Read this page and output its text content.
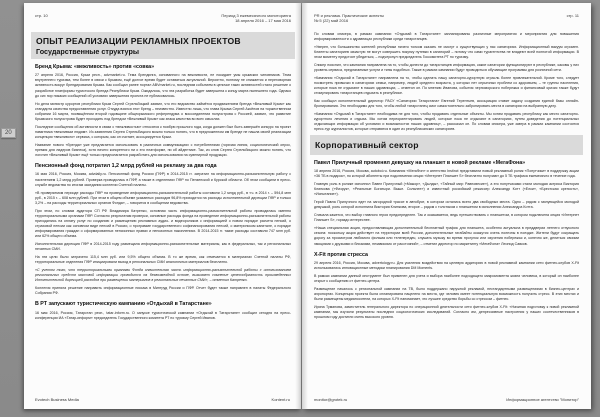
20
стр. 10	Период 3 ежемесячного мониторинга
18 апреля 2016 – 17 мая 2016
ОПЫТ РЕАЛИЗАЦИИ РЕКЛАМНЫХ ПРОЕКТОВ
Государственные структуры
Бренд Крыма: «вежливость» против «совка»

27 апреля 2016, Россия, Крым респ., advmarket.ru. Тема брендинга, основанного на вежливости, не покидает умы крымских чиновников. Тема внутреннего туризма, тем более в связи с Крымом, ещё долгое время будет оставаться актуальной. Вероятно, поэтому не снижается и переговорная активность вокруг брендирования Крыма. Как сообщал ранее портал ABVmarket.ru, последним событием в цепочке таких активностей стало решение о разработке платформы туристского бренда Республики Крым. Ожидалось, что эта разработка будет завершена к концу марта нынешнего года. Однако до сих пор никаких сообщений об условиях завершения проекта не публиковалось.

Но дела министр курортов республики Крым Сергей Стрельбицкий заявил, что его ведомство займётся продвижением бренда «Вежливый Крым» как стандарта качества предоставления услуг. Откуда взялся этот бренд – неизвестно. Известно лишь, что глава Крыма Сергей Аксёнов на торжественном собрании 16 марта, посвящённом второй годовщине общекрымского референдума о воссоединении полуострова с Россией, заявил, что развитие Крымского полуострова будет проходить под брендом «Вежливый Крым» как знака качества во всех смыслах.

Последние сообщения об активности в связи с «вежливостью» относятся к ноябрю прошлого года, когда должен был быть завершён конкурс на проект памятника «вежливым людям». Из заявления Сергея Стрельбицкого можно только понять, что в предложенном им бренде не нашла своей реализации концепция «вежливого» сервиса, с которым, как он считает, ассоциируется Крым.

Название нового «бренда» уже предлагается использовать в различных коммуникациях с потребителями (горячая линия, социологический опрос, премия для лидеров бизнеса), хотя ничего конкретного ни о его платформе, ни об айдентике. Так, из слов Сергея Стрельбицкого можно понять, что логотип «Вежливый Крым» ещё только предполагается разработать для использования на сувенирной продукции.

Пенсионный фонд потратил 1,2 млрд рублей на рекламу за два года

16 мая 2016, Россия, Москва, advdaily.ru. Пенсионный фонд России (ПФР) в 2014-2015 гг. затратил на информационно-разъяснительную работу с населением 1,2 млрд рублей. Проверка проводилась в ПФР, а также в отделениях ПФР по Пензенской и Курской области. Об этом сообщили в пресс-службе ведомства по итогам заседания коллегии Счетной палаты.

«В проверяемом периоде расходы ПФР на проведение информационно-разъяснительной работы составили 1,2 млрд руб., в т.ч. в 2014 г. – 594,8 млн руб., в 2015 г. – 608 млн рублей. При этом в общем объеме указанных расходов 96,8% приходится на расходы исполнительной дирекции ПФР и только 3,2% – на расходы территориальных органов Фонда», – говорится в сообщении ведомства.

При этом, по словам аудитора СП РФ Владимира Катренко, основная часть информационно-разъяснительной работы проводилась именно территориальными органами ПФР. Согласно результатам проверки, основные расходы фонда на проведение информационно-разъяснительной работы приходились на оплату услуг по созданию и размещению рекламных аудио- и видеороликов с информацией о новом порядке расчета пенсий, о страховой пенсии как основном виде пенсий в России, о программе государственного софинансирования пенсий, о материнском капитале, о порядке информирования граждан о сформированных пенсионных правах и пенсионных накоплениях. В 2014-2015 гг. такие расходы составили 747 млн руб. или 62% общего объема.

Исполнительная дирекция ПФР в 2014-2015 году размещала информационно-разъяснительные материалы, как в федеральных, так и региональных печатных СМИ.

На эти цели было затрачено 115,4 млн руб. или 9,5% общего объема. В то же время, как отмечается в материалах Счетной палаты РФ, территориальные отделения ПФР инициировали выход в региональных СМИ аналогичных материалов бесплатно.

«С учетом того, что территориальными органами Фонда значительная часть информационно-разъяснительной работы с использованием региональных средств массовой информации проводится на безвозмездной основе, вызывает сомнение целесообразность произведенных Исполнительной дирекцией расходов при размещении материалов в региональных печатных СМИ», – отметил Катренко.

Коллегия приняла решение направить информационные письма в Минтруд России и ПФР. Отчет будет также направлен в палаты Федерального Собрания РФ.

В РТ запускают туристическую кампанию «Отдыхай в Татарстане»

16 мая 2016, Россия, Татарстан респ., tatar-inform.ru. О запуске туристической кампании «Отдыхай в Татарстане» сообщил сегодня на пресс-конференции ИА «Татар-информ» председатель Государственного комитета РТ по туризму Сергей Иванов.

Evotech Business Media	Kontent.ru
PR и реклама. Практические аспекты
№ 5 (22) май 2016
стр. 11

По словам спикера, в рамках кампании «Отдыхай в Татарстане» запланированы различные мероприятия и мероприятия для повышения информированности о здравницах республики среди татарстанцев.

«Уверен, что большинство жителей республики ничего толком сказать не смогут о существующих у нас санаториях. Информационный вакуум огромен. Клиенты санаториев зачастую не могут совершить покупку путевки в санаторий – потому что сами турагентства не владеют всей полнотой информации. В этом моменту предстоит убедиться, – подчеркнул председатель Госкомитета РТ по туризму.

Спикер пояснил, что кампания направлена на то, чтобы донести до татарстанцев информацию, какие санатории функционируют в республике, каковы у них уровень сервиса, предлагаемые услуги и типы подобных. Также в рамках кампании будут проводиться обучающие программы для розничной сети.

«Кампания «Отдыхай в Татарстане» направлена на то, чтобы сделать нашу санаторно-курортную отрасль более привлекательной. Кроме того, следует посмотреть привычки в санаториях семьи, например, людей среднего возраста, у которых нет серьезных проблем со здоровьем, – те группы населения, которые пока не отдыхают в наших здравницах, – отметил он. По мнению Иванова, события черноморского побережья и финансовый кризис также будут стимулировать татарстанцев отдыхать в республике.

Как сообщил исполнительный директор РАСУ «Санатории Татарстана» Евгений Терентьев, ассоциация ставит задачу создания единой базы онлайн-бронирования. Это необходимо для того, чтобы любой татарстанец смог самостоятельно забронировать места в санатории на выбранную дату.

«Кампания «Отдыхай в Татарстане» необходима не для того, чтобы продавать отдельные объекты. Мы хотим продавать республику как место санаторно-курортного лечения и отдыха. Мы хотим переориентировать людей, которые пока не отдыхают в санаториях, путем доведения до потенциальных отдыхающих информации об условиях и возможностях наших здравниц», – рассказал он. По словам спикера, уже завтра в рамках кампании состоится пресс-тур журналистов, которые отправятся в один из республиканских санаториев.

Корпоративный сектор
Павел Прилучный променял девушку на планшет в новой рекламе «МегаФона»

18 апреля 2016, Россия, Москва, autoboi.ru. Компания «МегаФон» и агентство Instinct представили новый рекламный ролик «Попутчики» в поддержку акции «36 ТБ в подарок», по которой абоненты при подключении опции «Интернет Планшет S» бесплатно получают до 5 ТБ трафика ежемесячно в течение года.

Главную роль в ролике исполнил Павел Прилучный («Мажор», «Дылды», «Тайный мир: Равновесие»), а его попутчиками стали молодая актриса Виктория Клинкова («Физрук», «Реальные Богатыри. Выше. Сильнее») и известный российский режиссер Александр Котт («Елки», «Брестская крепость», «Испытание»).

Герой Павла Прилучного едет на загородной трассе в автобусе, в котором остались всего два свободных места. Одно – рядом с милующейся молодой девушкой, роль которой исполнила Виктория Клинкова, второе – рядом с толстяком с планшетом в исполнении Александра Котта.

Сначала кажется, что выбор главного героя предопределен. Так и оказывается, ведь путешествовать с планшетом, в котором подключена опция «Интернет Планшет S», гораздо интереснее.

«Наша специальная акция, предоставляющая дополнительный бесплатный трафик для планшета, особенно актуальна в преддверии летнего отпускного сезона: поскольку акция действует на территории всей России, дополнительные гигабайты окажутся очень полезны в поездке. Жители будут сокращать дорогу за просмотром любимого фильма или телепередач, слушать музыку во время прогулок или изучения побережья и, конечно же, делиться своими эмоциями с друзьями и близкими, независимо от расстояний», – отметил директор по маркетингу «МегаФона» Леонид Савков.

X-Fit против стресса

29 апреля 2016, Россия, Москва, advertology.ru. Для усиления воздействия на целевую аудиторию в новой рекламной кампании сети фитнес-клубов X-Fit использовались инновационные методики планирования DM Moments.

В рамках кампании данный инструмент был применен для учета и выбора наиболее подходящего микромомента жизни человека, в который он наиболее открыт к сообщению от фитнес-центра.

Размещение началось с региональной кампании на ТВ, было поддержано наружной рекламой, нестандартными размещениями в бизнес-центрах и аэропортах. Концепция проекта была спланирована нацелено на места, где человек имеет потенциальную возможность получить стресс. В этих местах и были размещены медианосители, на которых X-Fit напоминает, что лучшее средство борьбы со стрессом – фитнес.

Ирина Туманова, заместитель генерального директора по операционной деятельности сети фитнес-клубов X-Fit: «Начиная подготовку к новой рекламной кампании, мы изучили результаты последних социологических исследований. Согласно им, депрессивные настроения у наших соотечественников в прошлом году достигли очень высокого уровня.

monitor@grotek.ru	Информационное агентство "Монитор"
